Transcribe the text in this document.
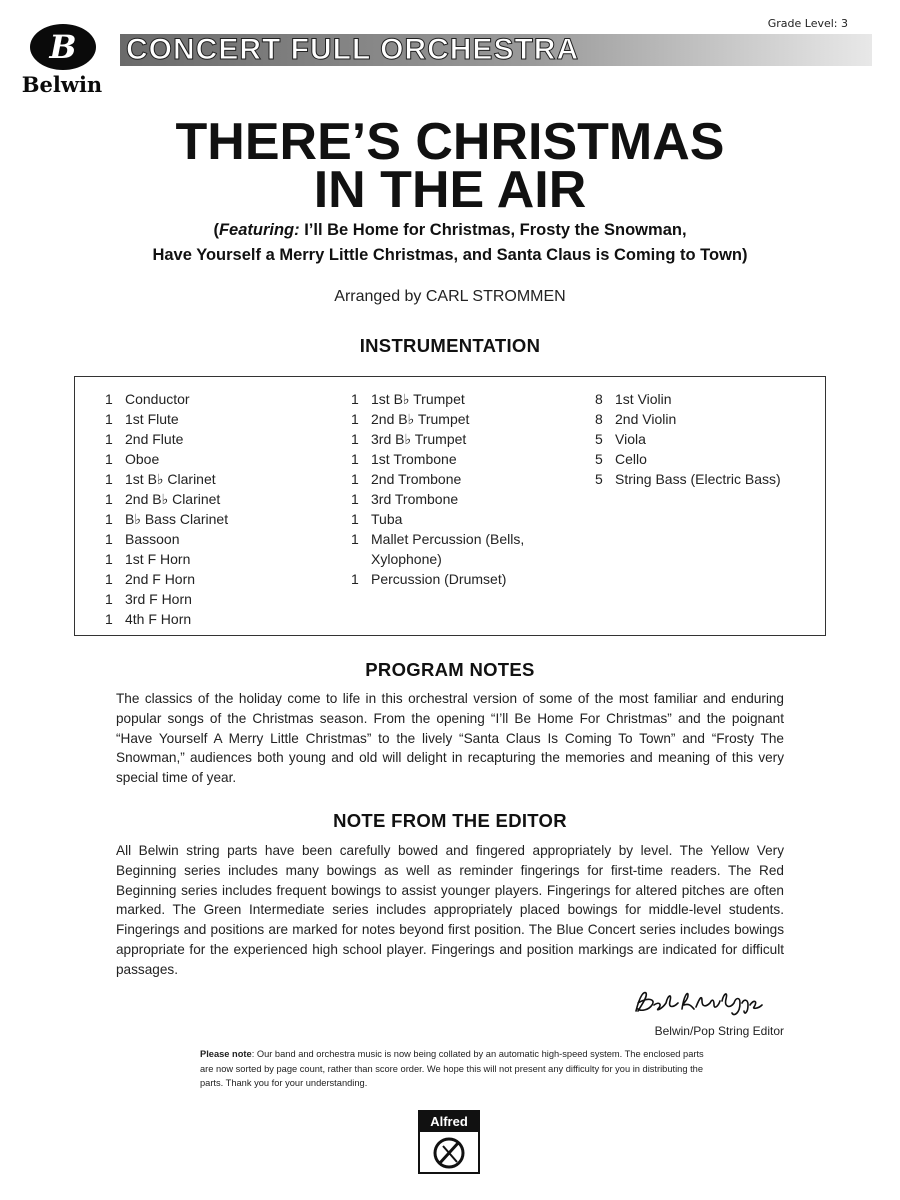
Grade Level: 3
B
Belwin
CONCERT FULL ORCHESTRA
THERE’S CHRISTMAS
IN THE AIR
(Featuring: I’ll Be Home for Christmas, Frosty the Snowman,
Have Yourself a Merry Little Christmas, and Santa Claus is Coming to Town)
Arranged by CARL STROMMEN
INSTRUMENTATION
1 Conductor
1 1st Flute
1 2nd Flute
1 Oboe
1 1st B♭ Clarinet
1 2nd B♭ Clarinet
1 B♭ Bass Clarinet
1 Bassoon
1 1st F Horn
1 2nd F Horn
1 3rd F Horn
1 4th F Horn
1 1st B♭ Trumpet
1 2nd B♭ Trumpet
1 3rd B♭ Trumpet
1 1st Trombone
1 2nd Trombone
1 3rd Trombone
1 Tuba
1 Mallet Percussion (Bells,
Xylophone)
1 Percussion (Drumset)
8 1st Violin
8 2nd Violin
5 Viola
5 Cello
5 String Bass (Electric Bass)
PROGRAM NOTES
The classics of the holiday come to life in this orchestral version of some of the most familiar and enduring popular songs of the Christmas season. From the opening “I’ll Be Home For Christmas” and the poignant “Have Yourself A Merry Little Christmas” to the lively “Santa Claus Is Coming To Town” and “Frosty The Snowman,” audiences both young and old will delight in recapturing the memories and meaning of this very special time of year.
NOTE FROM THE EDITOR
All Belwin string parts have been carefully bowed and fingered appropriately by level. The Yellow Very Beginning series includes many bowings as well as reminder fingerings for first-time readers. The Red Beginning series includes frequent bowings to assist younger players. Fingerings for altered pitches are often marked. The Green Intermediate series includes appropriately placed bowings for middle-level students. Fingerings and positions are marked for notes beyond first position. The Blue Concert series includes bowings appropriate for the experienced high school player. Fingerings and position markings are indicated for difficult passages.
Belwin/Pop String Editor
Please note: Our band and orchestra music is now being collated by an automatic high-speed system. The enclosed parts are now sorted by page count, rather than score order. We hope this will not present any difficulty for you in distributing the parts. Thank you for your understanding.
Alfred
